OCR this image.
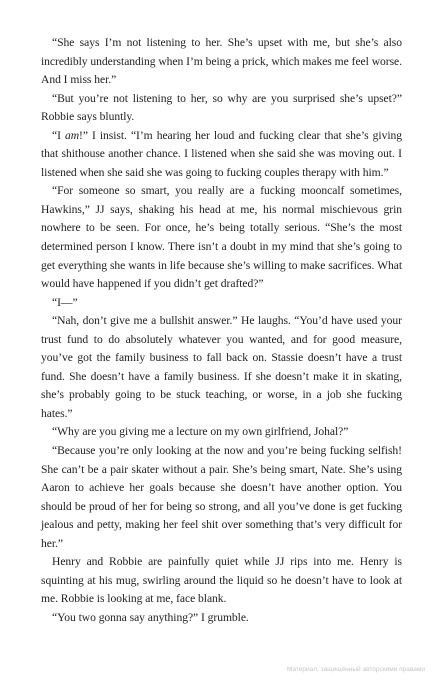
“She says I’m not listening to her. She’s upset with me, but she’s also incredibly understanding when I’m being a prick, which makes me feel worse. And I miss her.”

“But you’re not listening to her, so why are you surprised she’s upset?” Robbie says bluntly.

“I am!” I insist. “I’m hearing her loud and fucking clear that she’s giving that shithouse another chance. I listened when she said she was moving out. I listened when she said she was going to fucking couples therapy with him.”

“For someone so smart, you really are a fucking mooncalf sometimes, Hawkins,” JJ says, shaking his head at me, his normal mischievous grin nowhere to be seen. For once, he’s being totally serious. “She’s the most determined person I know. There isn’t a doubt in my mind that she’s going to get everything she wants in life because she’s willing to make sacrifices. What would have happened if you didn’t get drafted?”

“I—”

“Nah, don’t give me a bullshit answer.” He laughs. “You’d have used your trust fund to do absolutely whatever you wanted, and for good measure, you’ve got the family business to fall back on. Stassie doesn’t have a trust fund. She doesn’t have a family business. If she doesn’t make it in skating, she’s probably going to be stuck teaching, or worse, in a job she fucking hates.”

“Why are you giving me a lecture on my own girlfriend, Johal?”

“Because you’re only looking at the now and you’re being fucking selfish! She can’t be a pair skater without a pair. She’s being smart, Nate. She’s using Aaron to achieve her goals because she doesn’t have another option. You should be proud of her for being so strong, and all you’ve done is get fucking jealous and petty, making her feel shit over something that’s very difficult for her.”

Henry and Robbie are painfully quiet while JJ rips into me. Henry is squinting at his mug, swirling around the liquid so he doesn’t have to look at me. Robbie is looking at me, face blank.

“You two gonna say anything?” I grumble.

Материал, защищённый авторскими правами
